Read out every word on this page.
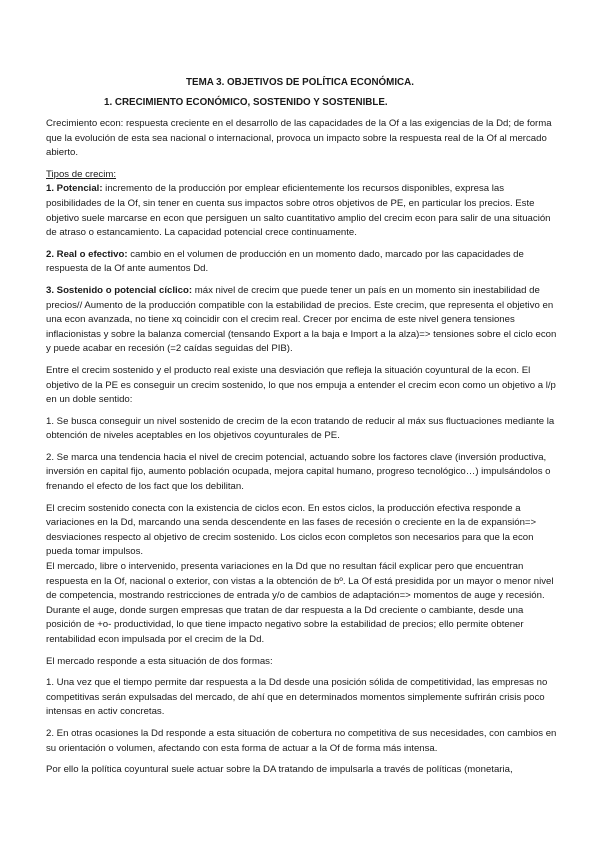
TEMA 3. OBJETIVOS DE POLÍTICA ECONÓMICA.
1. CRECIMIENTO ECONÓMICO, SOSTENIDO Y SOSTENIBLE.

Crecimiento econ: respuesta creciente en el desarrollo de las capacidades de la Of a las exigencias de la Dd; de forma que la evolución de esta sea nacional o internacional, provoca un impacto sobre la respuesta real de la Of al mercado abierto.

Tipos de crecim:

1. Potencial: incremento de la producción por emplear eficientemente los recursos disponibles, expresa las posibilidades de la Of, sin tener en cuenta sus impactos sobre otros objetivos de PE, en particular los precios. Este objetivo suele marcarse en econ que persiguen un salto cuantitativo amplio del crecim econ para salir de una situación de atraso o estancamiento. La capacidad potencial crece continuamente.

2. Real o efectivo: cambio en el volumen de producción en un momento dado, marcado por las capacidades de respuesta de la Of ante aumentos Dd.

3. Sostenido o potencial cíclico: máx nivel de crecim que puede tener un país en un momento sin inestabilidad de precios// Aumento de la producción compatible con la estabilidad de precios. Este crecim, que representa el objetivo en una econ avanzada, no tiene xq coincidir con el crecim real. Crecer por encima de este nivel genera tensiones inflacionistas y sobre la balanza comercial (tensando Export a la baja e Import a la alza)=> tensiones sobre el ciclo econ y puede acabar en recesión (=2 caídas seguidas del PIB).

Entre el crecim sostenido y el producto real existe una desviación que refleja la situación coyuntural de la econ. El objetivo de la PE es conseguir un crecim sostenido, lo que nos empuja a entender el crecim econ como un objetivo a l/p en un doble sentido:

1. Se busca conseguir un nivel sostenido de crecim de la econ tratando de reducir al máx sus fluctuaciones mediante la obtención de niveles aceptables en los objetivos coyunturales de PE.

2. Se marca una tendencia hacia el nivel de crecim potencial, actuando sobre los factores clave (inversión productiva, inversión en capital fijo, aumento población ocupada, mejora capital humano, progreso tecnológico…) impulsándolos o frenando el efecto de los fact que los debilitan.

El crecim sostenido conecta con la existencia de ciclos econ. En estos ciclos, la producción efectiva responde a variaciones en la Dd, marcando una senda descendente en las fases de recesión o creciente en la de expansión=> desviaciones respecto al objetivo de crecim sostenido. Los ciclos econ completos son necesarios para que la econ pueda tomar impulsos.

El mercado, libre o intervenido, presenta variaciones en la Dd que no resultan fácil explicar pero que encuentran respuesta en la Of, nacional o exterior, con vistas a la obtención de bº. La Of está presidida por un mayor o menor nivel de competencia, mostrando restricciones de entrada y/o de cambios de adaptación=> momentos de auge y recesión. Durante el auge, donde surgen empresas que tratan de dar respuesta a la Dd creciente o cambiante, desde una posición de +o- productividad, lo que tiene impacto negativo sobre la estabilidad de precios; ello permite obtener rentabilidad econ impulsada por el crecim de la Dd.

El mercado responde a esta situación de dos formas:

1. Una vez que el tiempo permite dar respuesta a la Dd desde una posición sólida de competitividad, las empresas no competitivas serán expulsadas del mercado, de ahí que en determinados momentos simplemente sufrirán crisis poco intensas en activ concretas.

2. En otras ocasiones la Dd responde a esta situación de cobertura no competitiva de sus necesidades, con cambios en su orientación o volumen, afectando con esta forma de actuar a la Of de forma más intensa.

Por ello la política coyuntural suele actuar sobre la DA tratando de impulsarla a través de políticas (monetaria,
